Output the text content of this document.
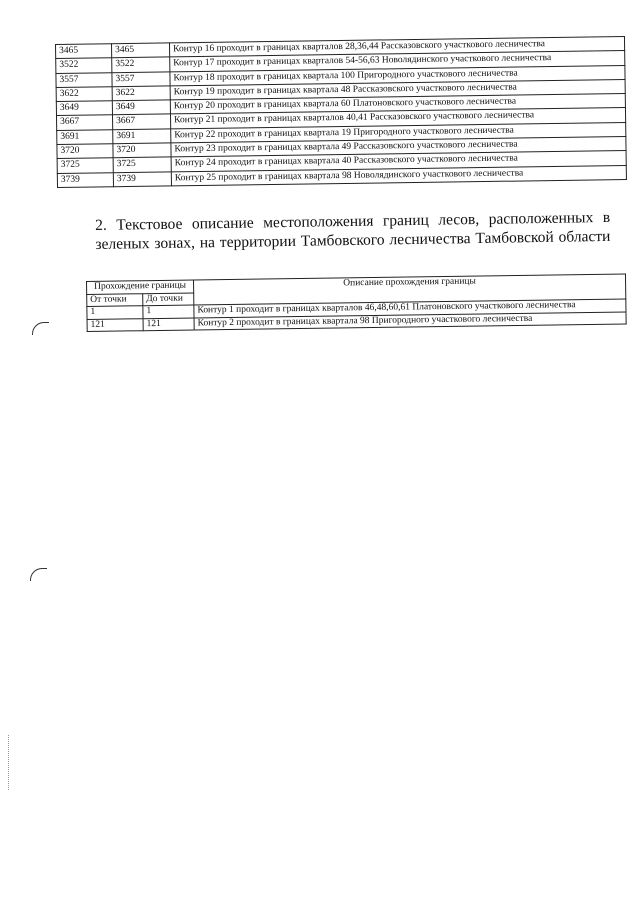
3465	3465	Контур 16 проходит в границах кварталов 28,36,44 Рассказовского участкового лесничества
3522	3522	Контур 17 проходит в границах кварталов 54-56,63 Новолядинского участкового лесничества
3557	3557	Контур 18 проходит в границах квартала 100 Пригородного участкового лесничества
3622	3622	Контур 19 проходит в границах квартала 48 Рассказовского участкового лесничества
3649	3649	Контур 20 проходит в границах квартала 60 Платоновского участкового лесничества
3667	3667	Контур 21 проходит в границах кварталов 40,41 Рассказовского участкового лесничества
3691	3691	Контур 22 проходит в границах квартала 19 Пригородного участкового лесничества
3720	3720	Контур 23 проходит в границах квартала 49 Рассказовского участкового лесничества
3725	3725	Контур 24 проходит в границах квартала 40 Рассказовского участкового лесничества
3739	3739	Контур 25 проходит в границах квартала 98 Новолядинского участкового лесничества

2. Текстовое описание местоположения границ лесов, расположенных в
зеленых зонах, на территории Тамбовского лесничества Тамбовской области

Прохождение границы		Описание прохождения границы
От точки	До точки	
1	1	Контур 1 проходит в границах кварталов 46,48,60,61 Платоновского участкового лесничества
121	121	Контур 2 проходит в границах квартала 98 Пригородного участкового лесничества
